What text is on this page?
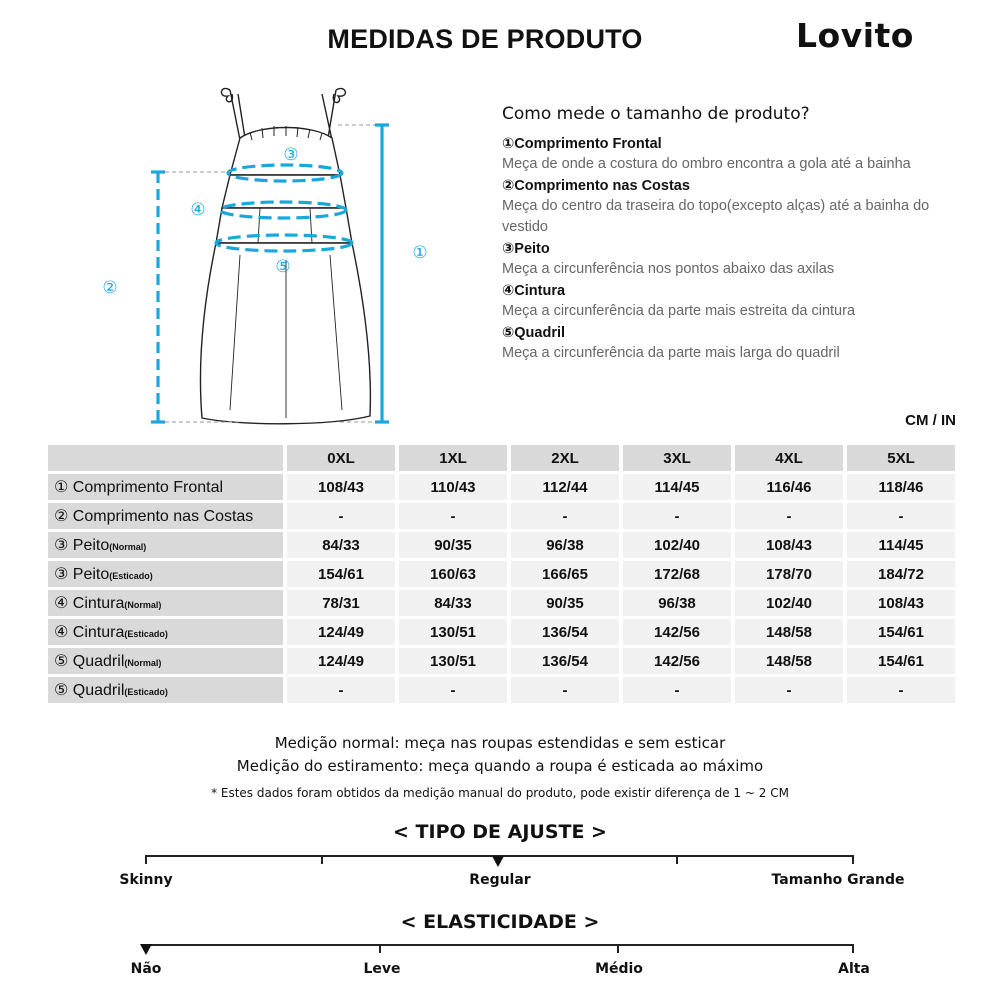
MEDIDAS DE PRODUTO	Lovito
①
②
③
④
⑤
Como mede o tamanho de produto?
①Comprimento Frontal
Meça de onde a costura do ombro encontra a gola até a bainha
②Comprimento nas Costas
Meça do centro da traseira do topo(excepto alças) até a bainha do vestido
③Peito
Meça a circunferência nos pontos abaixo das axilas
④Cintura
Meça a circunferência da parte mais estreita da cintura
⑤Quadril
Meça a circunferência da parte mais larga do quadril
CM / IN
	0XL	1XL	2XL	3XL	4XL	5XL
① Comprimento Frontal	108/43	110/43	112/44	114/45	116/46	118/46
② Comprimento nas Costas	-	-	-	-	-	-
③ Peito(Normal)	84/33	90/35	96/38	102/40	108/43	114/45
③ Peito(Esticado)	154/61	160/63	166/65	172/68	178/70	184/72
④ Cintura(Normal)	78/31	84/33	90/35	96/38	102/40	108/43
④ Cintura(Esticado)	124/49	130/51	136/54	142/56	148/58	154/61
⑤ Quadril(Normal)	124/49	130/51	136/54	142/56	148/58	154/61
⑤ Quadril(Esticado)	-	-	-	-	-	-
Medição normal: meça nas roupas estendidas e sem esticar
Medição do estiramento: meça quando a roupa é esticada ao máximo
* Estes dados foram obtidos da medição manual do produto, pode existir diferença de 1 ~ 2 CM
< TIPO DE AJUSTE >
Skinny	Regular	Tamanho Grande
< ELASTICIDADE >
Não	Leve	Médio	Alta
